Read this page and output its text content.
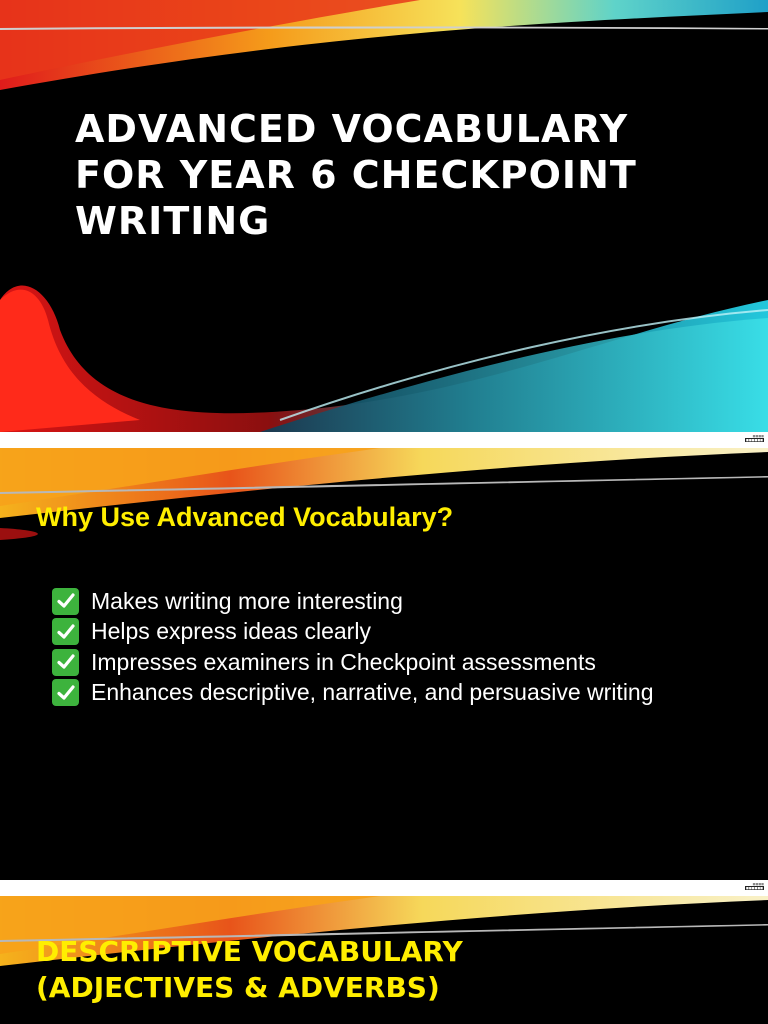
ADVANCED VOCABULARY FOR YEAR 6 CHECKPOINT WRITING
■■■■
■■■■■■
Why Use Advanced Vocabulary?
Makes writing more interesting
Helps express ideas clearly
Impresses examiners in Checkpoint assessments
Enhances descriptive, narrative, and persuasive writing
■■■■
■■■■■■
DESCRIPTIVE VOCABULARY
(ADJECTIVES & ADVERBS)
